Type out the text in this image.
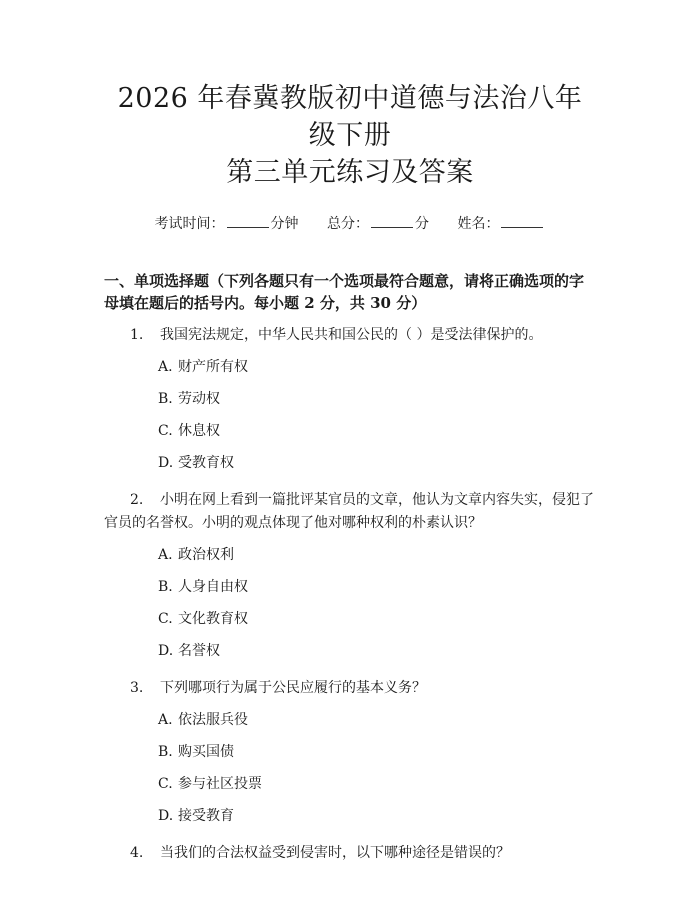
2026 年春冀教版初中道德与法治八年级下册
第三单元练习及答案
考试时间：	分钟 总分：	分 姓名：
一、单项选择题（下列各题只有一个选项最符合题意，请将正确选项的字母填在题后的括号内。每小题 2 分，共 30 分）
1. 我国宪法规定，中华人民共和国公民的（ ）是受法律保护的。
A. 财产所有权
B. 劳动权
C. 休息权
D. 受教育权
2. 小明在网上看到一篇批评某官员的文章，他认为文章内容失实，侵犯了官员的名誉权。小明的观点体现了他对哪种权利的朴素认识？
A. 政治权利
B. 人身自由权
C. 文化教育权
D. 名誉权
3. 下列哪项行为属于公民应履行的基本义务？
A. 依法服兵役
B. 购买国债
C. 参与社区投票
D. 接受教育
4. 当我们的合法权益受到侵害时，以下哪种途径是错误的？
